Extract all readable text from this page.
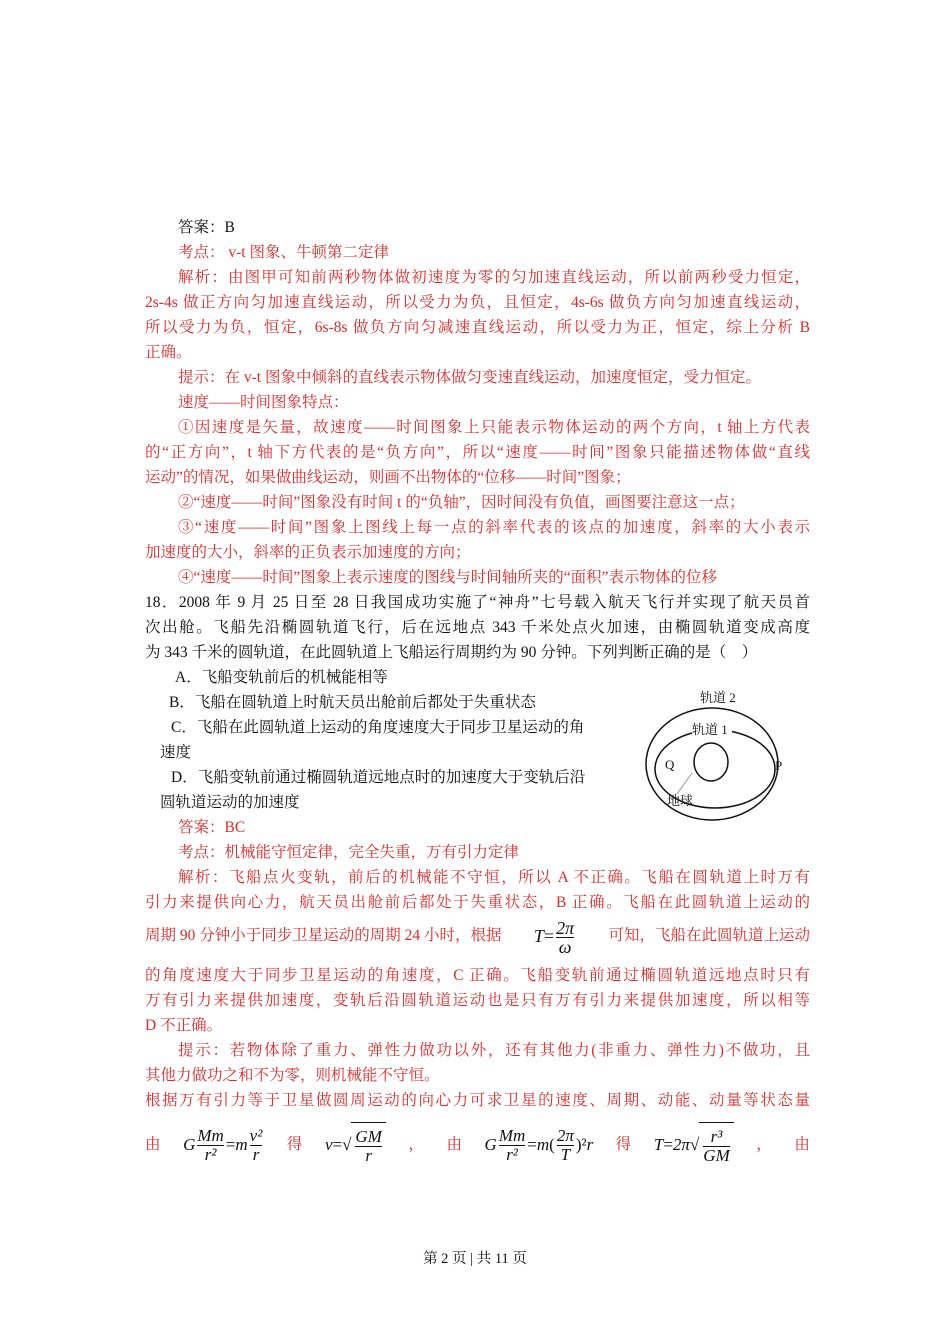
答案：B
考点： v-t 图象、牛顿第二定律
解析：由图甲可知前两秒物体做初速度为零的匀加速直线运动，所以前两秒受力恒定，
2s-4s 做正方向匀加速直线运动，所以受力为负，且恒定，4s-6s 做负方向匀加速直线运动，
所以受力为负，恒定，6s-8s 做负方向匀减速直线运动，所以受力为正，恒定，综上分析 B
正确。
提示：在 v-t 图象中倾斜的直线表示物体做匀变速直线运动，加速度恒定，受力恒定。
速度——时间图象特点：
①因速度是矢量，故速度——时间图象上只能表示物体运动的两个方向，t 轴上方代表
的“正方向”，t 轴下方代表的是“负方向”，所以“速度——时间”图象只能描述物体做“直线
运动”的情况，如果做曲线运动，则画不出物体的“位移——时间”图象；
②“速度——时间”图象没有时间 t 的“负轴”，因时间没有负值，画图要注意这一点；
③“速度——时间”图象上图线上每一点的斜率代表的该点的加速度，斜率的大小表示
加速度的大小，斜率的正负表示加速度的方向；
④“速度——时间”图象上表示速度的图线与时间轴所夹的“面积”表示物体的位移
18．2008 年 9 月 25 日至 28 日我国成功实施了“神舟”七号载入航天飞行并实现了航天员首
次出舱。飞船先沿椭圆轨道飞行，后在远地点 343 千米处点火加速，由椭圆轨道变成高度
为 343 千米的圆轨道，在此圆轨道上飞船运行周期约为 90 分钟。下列判断正确的是（　）
A．飞船变轨前后的机械能相等
B．飞船在圆轨道上时航天员出舱前后都处于失重状态
C．飞船在此圆轨道上运动的角度速度大于同步卫星运动的角
速度
D．飞船变轨前通过椭圆轨道远地点时的加速度大于变轨后沿
圆轨道运动的加速度
轨道 2
轨道 1
Q	P
地球
答案：BC
考点：机械能守恒定律，完全失重，万有引力定律
解析：飞船点火变轨，前后的机械能不守恒，所以 A 不正确。飞船在圆轨道上时万有
引力来提供向心力，航天员出舱前后都处于失重状态，B 正确。飞船在此圆轨道上运动的
周期 90 分钟小于同步卫星运动的周期 24 小时，根据 $T= \frac{2\pi}{\omega}$ 可知，飞船在此圆轨道上运动
的角度速度大于同步卫星运动的角速度，C 正确。飞船变轨前通过椭圆轨道远地点时只有
万有引力来提供加速度，变轨后沿圆轨道运动也是只有万有引力来提供加速度，所以相等
D 不正确。
提示：若物体除了重力、弹性力做功以外，还有其他力(非重力、弹性力)不做功，且
其他力做功之和不为零，则机械能不守恒。
根据万有引力等于卫星做圆周运动的向心力可求卫星的速度、周期、动能、动量等状态量
由 G $\frac{Mm}{\text{r²}} =m \frac{\text{v²}}{r}$ 得 $v=√ \frac{GM}{r}$ ， 由 G $\frac{Mm}{\text{r²}} =m( \frac{2\pi}{T} )^2r$ 得 $T=2\pi√ \frac{\text{r³}}{GM}$ ， 由
第 2 页 | 共 11 页
